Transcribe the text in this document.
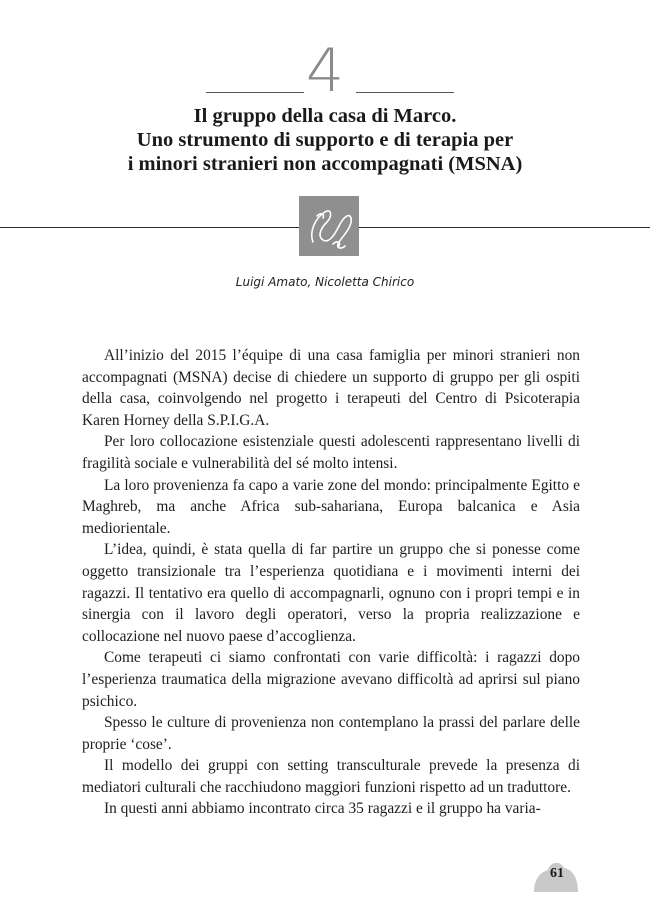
4
Il gruppo della casa di Marco.
Uno strumento di supporto e di terapia per
i minori stranieri non accompagnati (MSNA)
Luigi Amato, Nicoletta Chirico

All’inizio del 2015 l’équipe di una casa famiglia per minori stranieri non accompagnati (MSNA) decise di chiedere un supporto di gruppo per gli ospiti della casa, coinvolgendo nel progetto i terapeuti del Centro di Psicoterapia Karen Horney della S.P.I.G.A.

Per loro collocazione esistenziale questi adolescenti rappresentano livelli di fragilità sociale e vulnerabilità del sé molto intensi.

La loro provenienza fa capo a varie zone del mondo: principalmente Egitto e Maghreb, ma anche Africa sub-sahariana, Europa balcanica e Asia mediorientale.

L’idea, quindi, è stata quella di far partire un gruppo che si ponesse come oggetto transizionale tra l’esperienza quotidiana e i movimenti interni dei ragazzi. Il tentativo era quello di accompagnarli, ognuno con i propri tempi e in sinergia con il lavoro degli operatori, verso la propria realizzazione e collocazione nel nuovo paese d’accoglienza.

Come terapeuti ci siamo confrontati con varie difficoltà: i ragazzi dopo l’esperienza traumatica della migrazione avevano difficoltà ad aprirsi sul piano psichico.

Spesso le culture di provenienza non contemplano la prassi del parlare delle proprie ‘cose’.

Il modello dei gruppi con setting transculturale prevede la presenza di mediatori culturali che racchiudono maggiori funzioni rispetto ad un traduttore.

In questi anni abbiamo incontrato circa 35 ragazzi e il gruppo ha varia-

61
